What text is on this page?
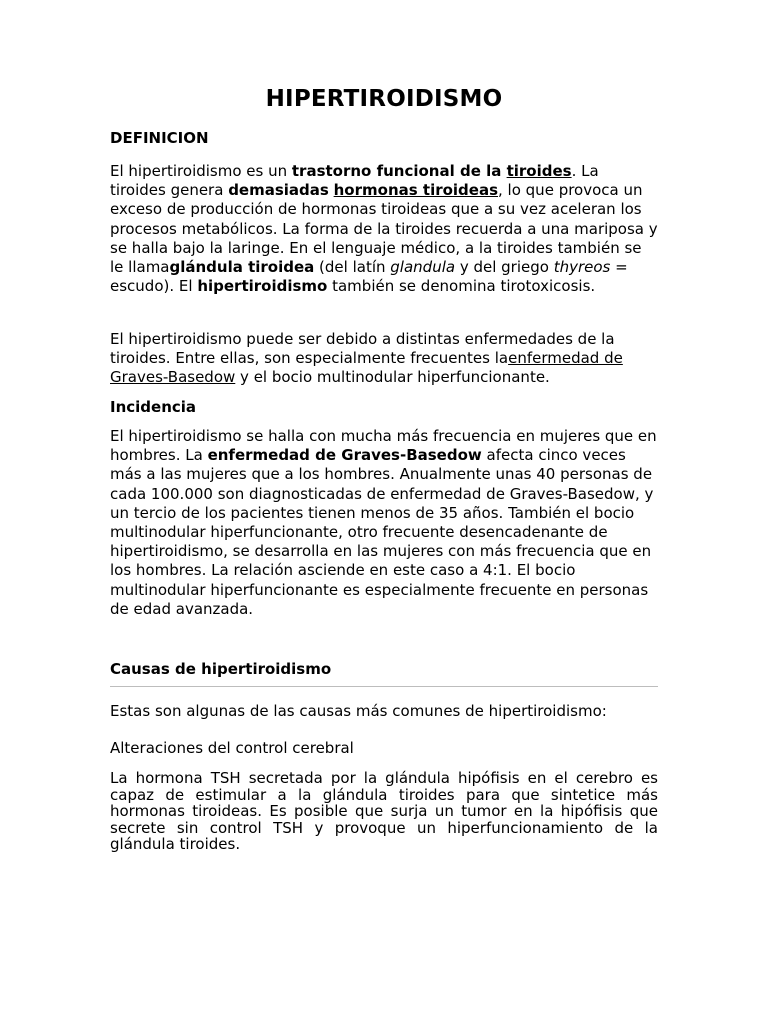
HIPERTIROIDISMO
DEFINICION

El hipertiroidismo es un trastorno funcional de la tiroides. La tiroides genera demasiadas hormonas tiroideas, lo que provoca un exceso de producción de hormonas tiroideas que a su vez aceleran los procesos metabólicos. La forma de la tiroides recuerda a una mariposa y se halla bajo la laringe. En el lenguaje médico, a la tiroides también se le llamaglándula tiroidea (del latín glandula y del griego thyreos = escudo). El hipertiroidismo también se denomina tirotoxicosis.

El hipertiroidismo puede ser debido a distintas enfermedades de la tiroides. Entre ellas, son especialmente frecuentes laenfermedad de Graves-Basedow y el bocio multinodular hiperfuncionante.

Incidencia

El hipertiroidismo se halla con mucha más frecuencia en mujeres que en hombres. La enfermedad de Graves-Basedow afecta cinco veces más a las mujeres que a los hombres. Anualmente unas 40 personas de cada 100.000 son diagnosticadas de enfermedad de Graves-Basedow, y un tercio de los pacientes tienen menos de 35 años. También el bocio multinodular hiperfuncionante, otro frecuente desencadenante de hipertiroidismo, se desarrolla en las mujeres con más frecuencia que en los hombres. La relación asciende en este caso a 4:1. El bocio multinodular hiperfuncionante es especialmente frecuente en personas de edad avanzada.

Causas de hipertiroidismo

Estas son algunas de las causas más comunes de hipertiroidismo:

Alteraciones del control cerebral

La hormona TSH secretada por la glándula hipófisis en el cerebro es capaz de estimular a la glándula tiroides para que sintetice más hormonas tiroideas. Es posible que surja un tumor en la hipófisis que secrete sin control TSH y provoque un hiperfuncionamiento de la glándula tiroides.
